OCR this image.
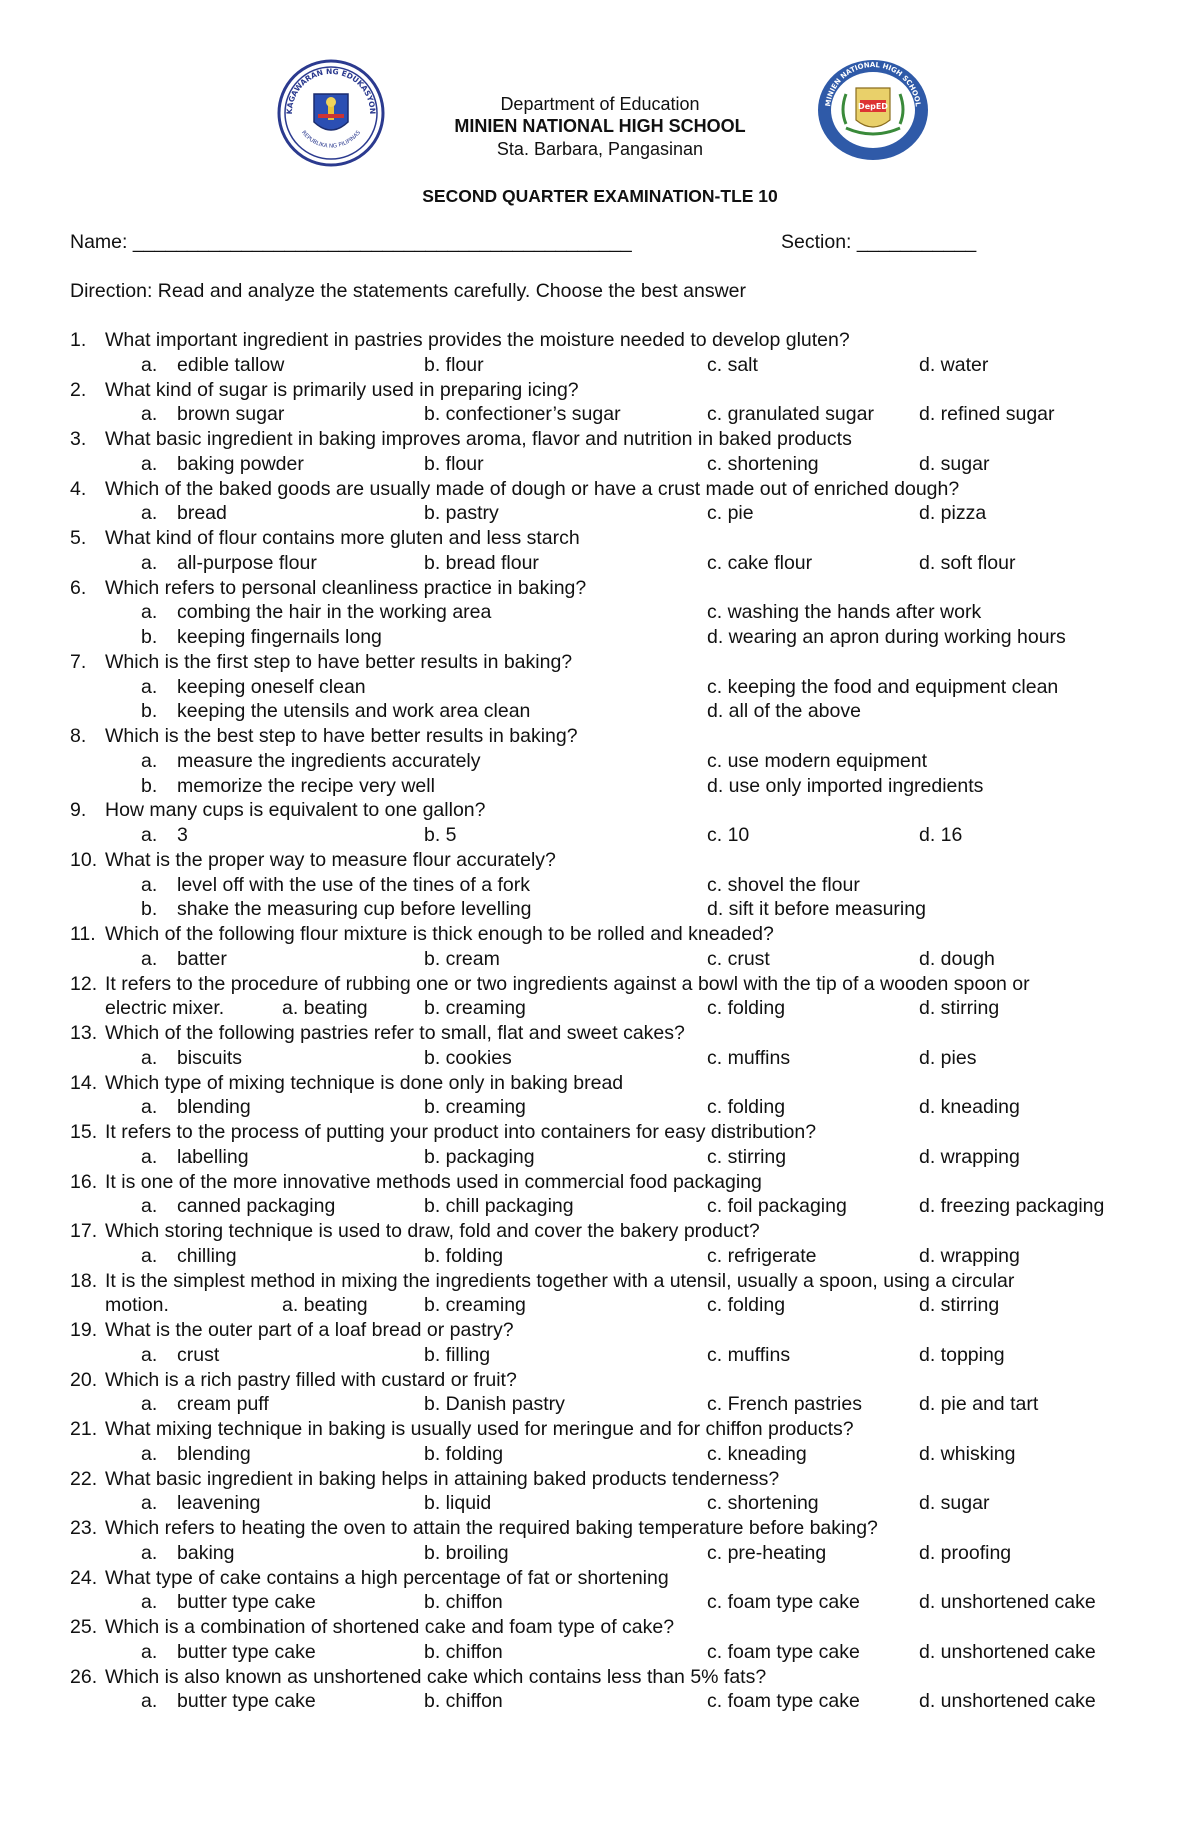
KAGAWARAN NG EDUKASYON
REPUBLIKA NG PILIPINAS
MINIEN NATIONAL HIGH SCHOOL
DepED
Department of Education
MINIEN NATIONAL HIGH SCHOOL
Sta. Barbara, Pangasinan
SECOND QUARTER EXAMINATION-TLE 10
Name: ______________________________________________	Section: ___________
Direction: Read and analyze the statements carefully. Choose the best answer
1. What important ingredient in pastries provides the moisture needed to develop gluten?
a. edible tallow	b. flour	c. salt	d. water
2. What kind of sugar is primarily used in preparing icing?
a. brown sugar	b. confectioner’s sugar	c. granulated sugar d. refined sugar
3. What basic ingredient in baking improves aroma, flavor and nutrition in baked products
a. baking powder	b. flour	c. shortening	d. sugar
4. Which of the baked goods are usually made of dough or have a crust made out of enriched dough?
a. bread	b. pastry	c. pie	d. pizza
5. What kind of flour contains more gluten and less starch
a. all-purpose flour	b. bread flour	c. cake flour	d. soft flour
6. Which refers to personal cleanliness practice in baking?
a. combing the hair in the working area	c. washing the hands after work
b. keeping fingernails long	d. wearing an apron during working hours
7. Which is the first step to have better results in baking?
a. keeping oneself clean	c. keeping the food and equipment clean
b. keeping the utensils and work area clean	d. all of the above
8. Which is the best step to have better results in baking?
a. measure the ingredients accurately	c. use modern equipment
b. memorize the recipe very well	d. use only imported ingredients
9. How many cups is equivalent to one gallon?
a. 3	b. 5	c. 10	d. 16
10. What is the proper way to measure flour accurately?
a. level off with the use of the tines of a fork	c. shovel the flour
b. shake the measuring cup before levelling	d. sift it before measuring
11. Which of the following flour mixture is thick enough to be rolled and kneaded?
a. batter	b. cream	c. crust	d. dough
12. It refers to the procedure of rubbing one or two ingredients against a bowl with the tip of a wooden spoon or
electric mixer.	a. beating	b. creaming	c. folding	d. stirring
13. Which of the following pastries refer to small, flat and sweet cakes?
a. biscuits	b. cookies	c. muffins	d. pies
14. Which type of mixing technique is done only in baking bread
a. blending	b. creaming	c. folding	d. kneading
15. It refers to the process of putting your product into containers for easy distribution?
a. labelling	b. packaging	c. stirring	d. wrapping
16. It is one of the more innovative methods used in commercial food packaging
a. canned packaging	b. chill packaging	c. foil packaging	d. freezing packaging
17. Which storing technique is used to draw, fold and cover the bakery product?
a. chilling	b. folding	c. refrigerate	d. wrapping
18. It is the simplest method in mixing the ingredients together with a utensil, usually a spoon, using a circular
motion.	a. beating	b. creaming	c. folding	d. stirring
19. What is the outer part of a loaf bread or pastry?
a. crust	b. filling	c. muffins	d. topping
20. Which is a rich pastry filled with custard or fruit?
a. cream puff	b. Danish pastry	c. French pastries	d. pie and tart
21. What mixing technique in baking is usually used for meringue and for chiffon products?
a. blending	b. folding	c. kneading	d. whisking
22. What basic ingredient in baking helps in attaining baked products tenderness?
a. leavening	b. liquid	c. shortening	d. sugar
23. Which refers to heating the oven to attain the required baking temperature before baking?
a. baking	b. broiling	c. pre-heating	d. proofing
24. What type of cake contains a high percentage of fat or shortening
a. butter type cake	b. chiffon	c. foam type cake	d. unshortened cake
25. Which is a combination of shortened cake and foam type of cake?
a. butter type cake	b. chiffon	c. foam type cake	d. unshortened cake
26. Which is also known as unshortened cake which contains less than 5% fats?
a. butter type cake	b. chiffon	c. foam type cake	d. unshortened cake
